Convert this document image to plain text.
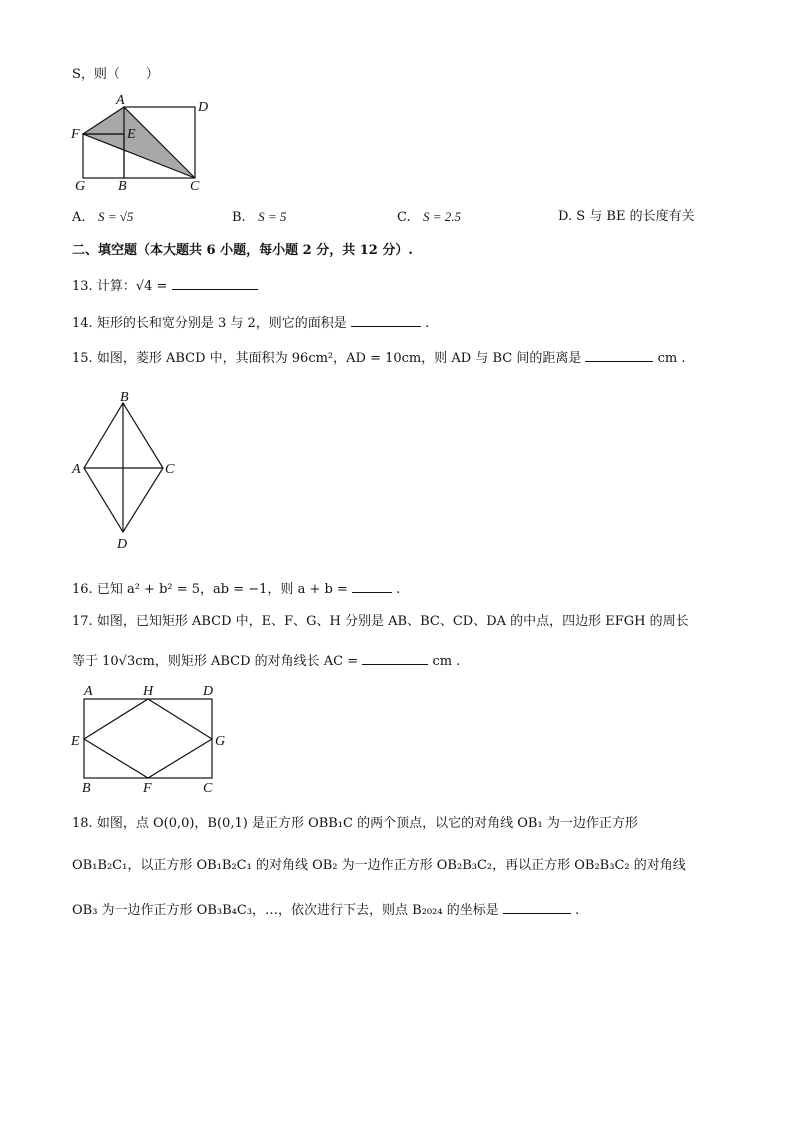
S，则（　　）
A	D
F	E
G B	C
A. S = √5	B. S = 5	C. S = 2.5	D. S 与 BE 的长度有关
二、填空题（本大题共 6 小题，每小题 2 分，共 12 分）.
13. 计算：√4 =
14. 矩形的长和宽分别是 3 与 2，则它的面积是	.
15. 如图，菱形 ABCD 中，其面积为 96cm²，AD = 10cm，则 AD 与 BC 间的距离是	cm .
B
A	C
D
16. 已知 a² + b² = 5，ab = −1，则 a + b =	.
17. 如图，已知矩形 ABCD 中，E、F、G、H 分别是 AB、BC、CD、DA 的中点，四边形 EFGH 的周长
等于 10√3cm，则矩形 ABCD 的对角线长 AC =	cm .
A	H	D
E	G
B	F	C
18. 如图，点 O(0,0)，B(0,1) 是正方形 OBB₁C 的两个顶点，以它的对角线 OB₁ 为一边作正方形
OB₁B₂C₁，以正方形 OB₁B₂C₁ 的对角线 OB₂ 为一边作正方形 OB₂B₃C₂，再以正方形 OB₂B₃C₂ 的对角线
OB₃ 为一边作正方形 OB₃B₄C₃，…，依次进行下去，则点 B₂₀₂₄ 的坐标是	.
